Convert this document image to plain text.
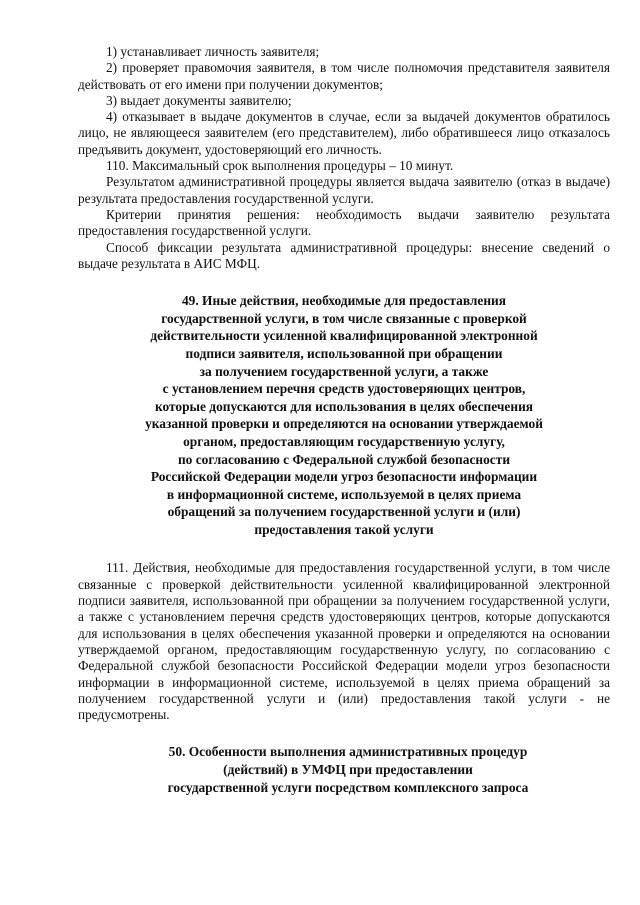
1) устанавливает личность заявителя;

2) проверяет правомочия заявителя, в том числе полномочия представителя заявителя действовать от его имени при получении документов;

3) выдает документы заявителю;

4) отказывает в выдаче документов в случае, если за выдачей документов обратилось лицо, не являющееся заявителем (его представителем), либо обратившееся лицо отказалось предъявить документ, удостоверяющий его личность.

110. Максимальный срок выполнения процедуры – 10 минут.

Результатом административной процедуры является выдача заявителю (отказ в выдаче) результата предоставления государственной услуги.

Критерии принятия решения: необходимость выдачи заявителю результата предоставления государственной услуги.

Способ фиксации результата административной процедуры: внесение сведений о выдаче результата в АИС МФЦ.

49. Иные действия, необходимые для предоставления
государственной услуги, в том числе связанные с проверкой
действительности усиленной квалифицированной электронной
подписи заявителя, использованной при обращении
за получением государственной услуги, а также
с установлением перечня средств удостоверяющих центров,
которые допускаются для использования в целях обеспечения
указанной проверки и определяются на основании утверждаемой
органом, предоставляющим государственную услугу,
по согласованию с Федеральной службой безопасности
Российской Федерации модели угроз безопасности информации
в информационной системе, используемой в целях приема
обращений за получением государственной услуги и (или)
предоставления такой услуги

111. Действия, необходимые для предоставления государственной услуги, в том числе связанные с проверкой действительности усиленной квалифицированной электронной подписи заявителя, использованной при обращении за получением государственной услуги, а также с установлением перечня средств удостоверяющих центров, которые допускаются для использования в целях обеспечения указанной проверки и определяются на основании утверждаемой органом, предоставляющим государственную услугу, по согласованию с Федеральной службой безопасности Российской Федерации модели угроз безопасности информации в информационной системе, используемой в целях приема обращений за получением государственной услуги и (или) предоставления такой услуги - не предусмотрены.

50. Особенности выполнения административных процедур
(действий) в УМФЦ при предоставлении
государственной услуги посредством комплексного запроса
